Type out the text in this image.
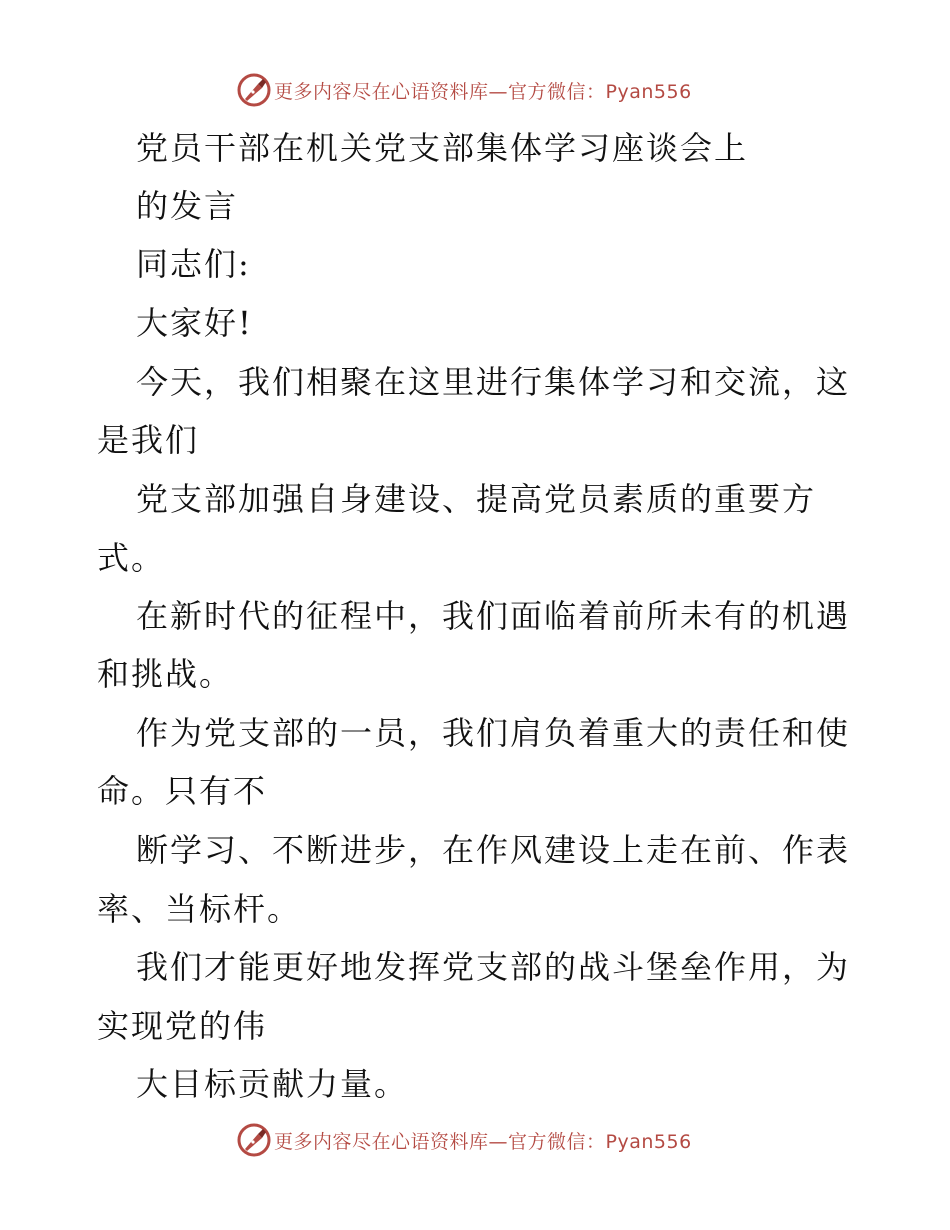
更多内容尽在心语资料库—官方微信：Pyan556
党员干部在机关党支部集体学习座谈会上
的发言
同志们:
大家好!
今天，我们相聚在这里进行集体学习和交流，这
是我们
党支部加强自身建设、提高党员素质的重要方
式。
在新时代的征程中，我们面临着前所未有的机遇
和挑战。
作为党支部的一员，我们肩负着重大的责任和使
命。只有不
断学习、不断进步，在作风建设上走在前、作表
率、当标杆。
我们才能更好地发挥党支部的战斗堡垒作用，为
实现党的伟
大目标贡献力量。
更多内容尽在心语资料库—官方微信：Pyan556
